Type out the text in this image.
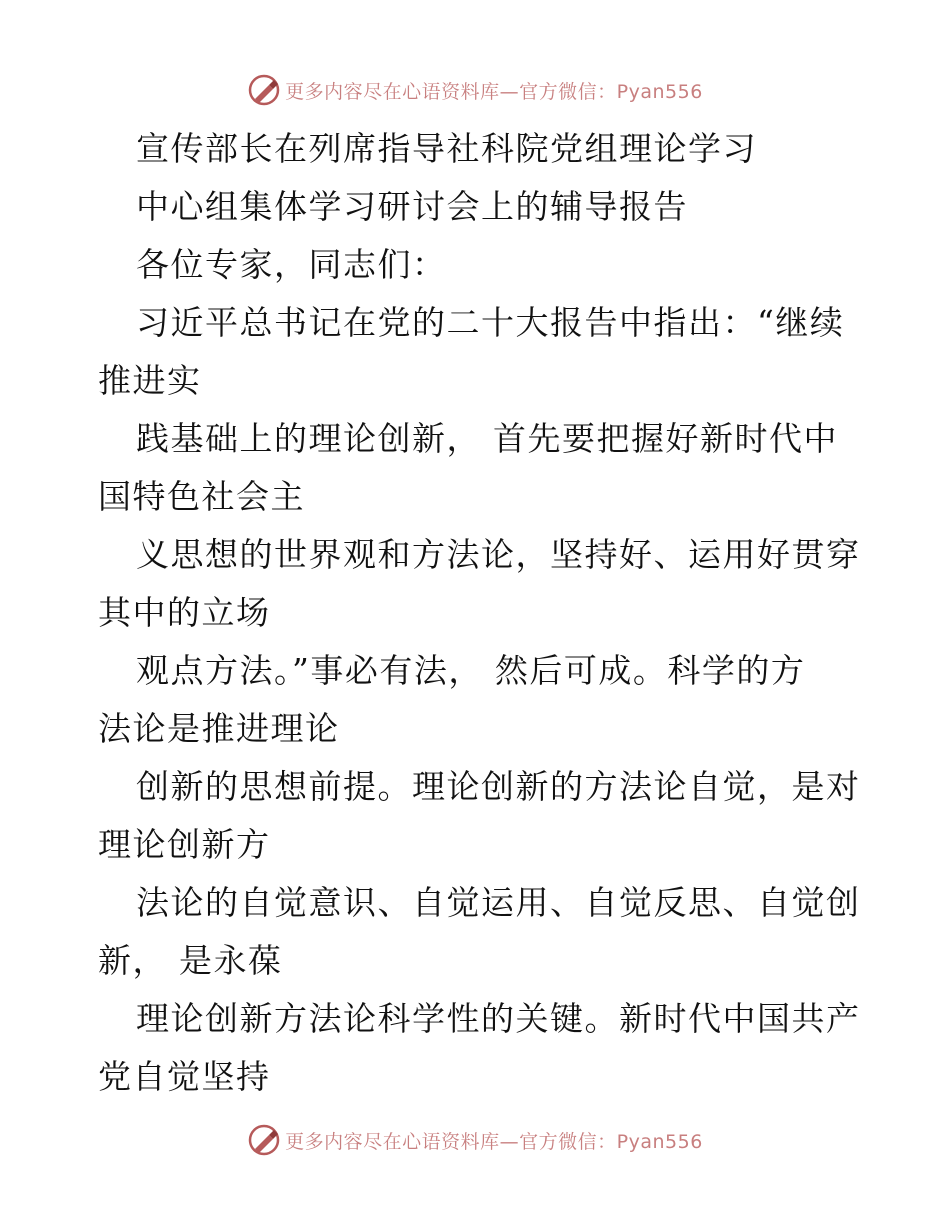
更多内容尽在心语资料库—官方微信：Pyan556

宣传部长在列席指导社科院党组理论学习

中心组集体学习研讨会上的辅导报告

各位专家，同志们：

习近平总书记在党的二十大报告中指出：“继续

推进实

践基础上的理论创新， 首先要把握好新时代中

国特色社会主

义思想的世界观和方法论，坚持好、运用好贯穿

其中的立场

观点方法。”事必有法， 然后可成。科学的方

法论是推进理论

创新的思想前提。理论创新的方法论自觉，是对

理论创新方

法论的自觉意识、自觉运用、自觉反思、自觉创

新， 是永葆

理论创新方法论科学性的关键。新时代中国共产

党自觉坚持

更多内容尽在心语资料库—官方微信：Pyan556
